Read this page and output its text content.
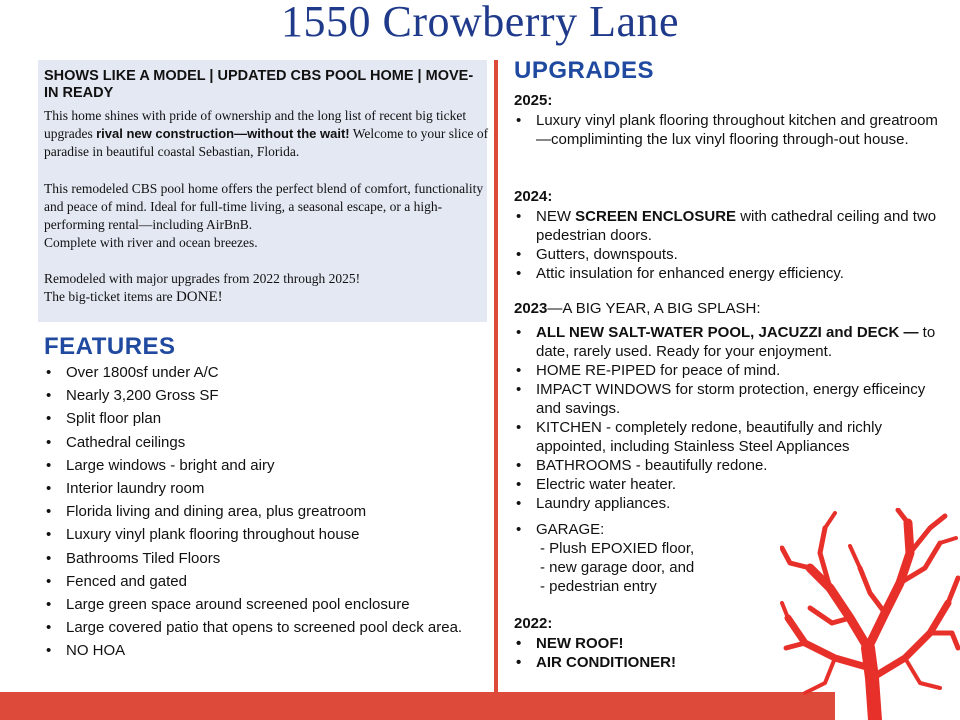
1550 Crowberry Lane
SHOWS LIKE A MODEL | UPDATED CBS POOL HOME | MOVE-IN READY

This home shines with pride of ownership and the long list of recent big ticket upgrades rival new construction—without the wait! Welcome to your slice of paradise in beautiful coastal Sebastian, Florida.

This remodeled CBS pool home offers the perfect blend of comfort, functionality and peace of mind. Ideal for full-time living, a seasonal escape, or a high-performing rental—including AirBnB.
Complete with river and ocean breezes.

Remodeled with major upgrades from 2022 through 2025!
The big-ticket items are DONE!

FEATURES
• Over 1800sf under A/C
• Nearly 3,200 Gross SF
• Split floor plan
• Cathedral ceilings
• Large windows - bright and airy
• Interior laundry room
• Florida living and dining area, plus greatroom
• Luxury vinyl plank flooring throughout house
• Bathrooms Tiled Floors
• Fenced and gated
• Large green space around screened pool enclosure
• Large covered patio that opens to screened pool deck area.
• NO HOA
UPGRADES
2025:
• Luxury vinyl plank flooring throughout kitchen and greatroom —compliminting the lux vinyl flooring through-out house.
2024:
• NEW SCREEN ENCLOSURE with cathedral ceiling and two pedestrian doors.
• Gutters, downspouts.
• Attic insulation for enhanced energy efficiency.
2023—A BIG YEAR, A BIG SPLASH:
• ALL NEW SALT-WATER POOL, JACUZZI and DECK — to date, rarely used. Ready for your enjoyment.
• HOME RE-PIPED for peace of mind.
• IMPACT WINDOWS for storm protection, energy efficeincy and savings.
• KITCHEN - completely redone, beautifully and richly appointed, including Stainless Steel Appliances
• BATHROOMS - beautifully redone.
• Electric water heater.
• Laundry appliances.
• GARAGE:
- Plush EPOXIED floor,
- new garage door, and
- pedestrian entry
2022:
• NEW ROOF!
• AIR CONDITIONER!
